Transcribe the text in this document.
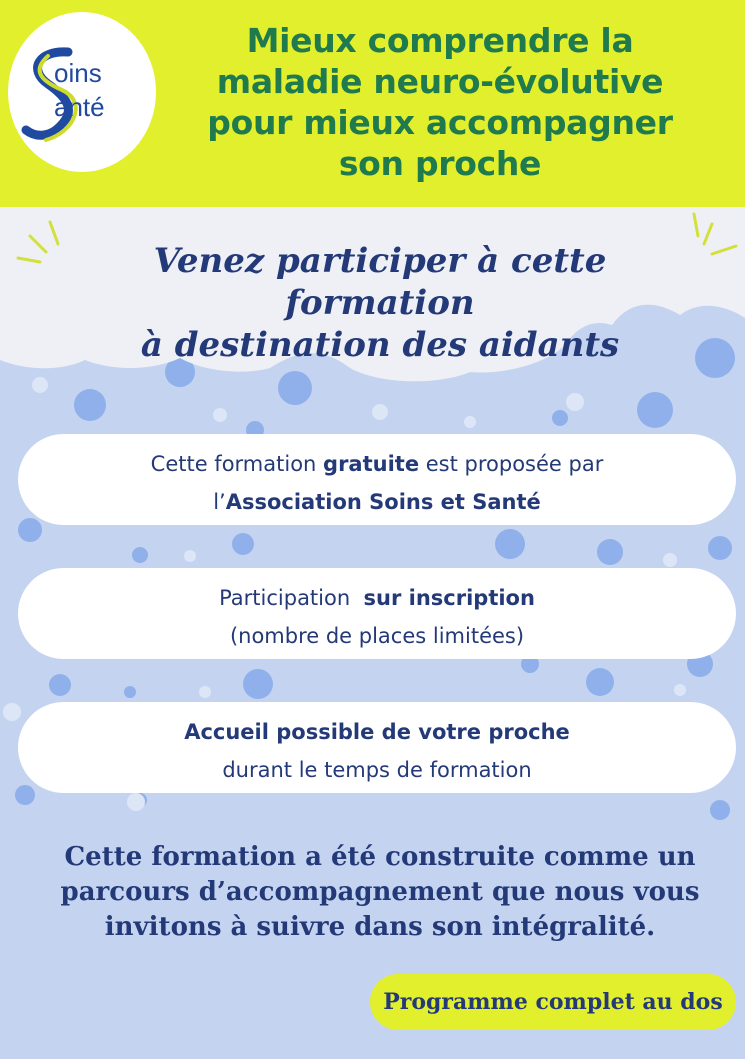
oins
anté
Mieux comprendre la
maladie neuro-évolutive
pour mieux accompagner
son proche
Venez participer à cette formation
à destination des aidants
Cette formation gratuite est proposée par
l’Association Soins et Santé
Participation  sur inscription
(nombre de places limitées)
Accueil possible de votre proche
durant le temps de formation

Cette formation a été construite comme un
parcours d’accompagnement que nous vous
invitons à suivre dans son intégralité.

Programme complet au dos
